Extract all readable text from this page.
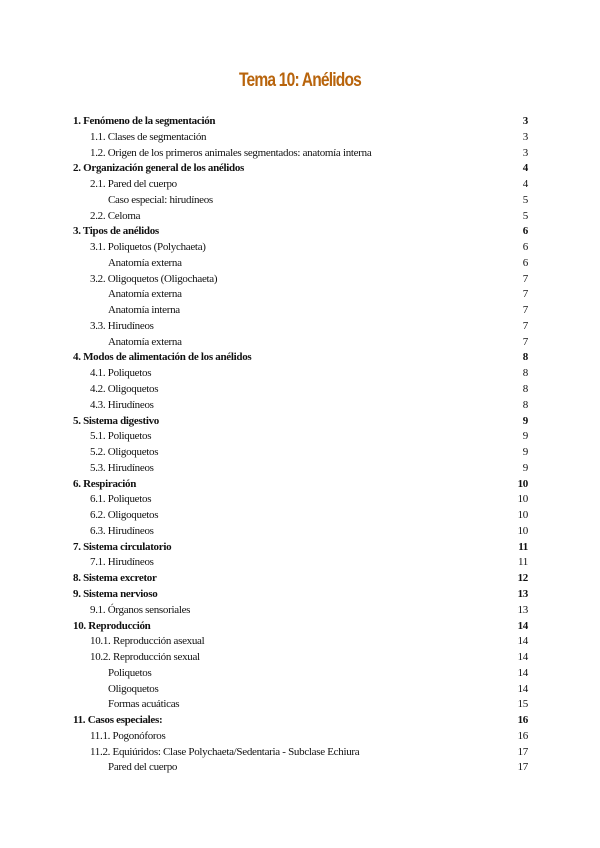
Tema 10: Anélidos
1. Fenómeno de la segmentación	3
1.1. Clases de segmentación	3
1.2. Origen de los primeros animales segmentados: anatomía interna	3
2. Organización general de los anélidos	4
2.1. Pared del cuerpo	4
Caso especial: hirudíneos	5
2.2. Celoma	5
3. Tipos de anélidos	6
3.1. Poliquetos (Polychaeta)	6
Anatomía externa	6
3.2. Oligoquetos (Oligochaeta)	7
Anatomía externa	7
Anatomía interna	7
3.3. Hirudíneos	7
Anatomía externa	7
4. Modos de alimentación de los anélidos	8
4.1. Poliquetos	8
4.2. Oligoquetos	8
4.3. Hirudíneos	8
5. Sistema digestivo	9
5.1. Poliquetos	9
5.2. Oligoquetos	9
5.3. Hirudíneos	9
6. Respiración	10
6.1. Poliquetos	10
6.2. Oligoquetos	10
6.3. Hirudíneos	10
7. Sistema circulatorio	11
7.1. Hirudíneos	11
8. Sistema excretor	12
9. Sistema nervioso	13
9.1. Órganos sensoriales	13
10. Reproducción	14
10.1. Reproducción asexual	14
10.2. Reproducción sexual	14
Poliquetos	14
Oligoquetos	14
Formas acuáticas	15
11. Casos especiales:	16
11.1. Pogonóforos	16
11.2. Equiúridos: Clase Polychaeta/Sedentaria - Subclase Echiura	17
Pared del cuerpo	17
